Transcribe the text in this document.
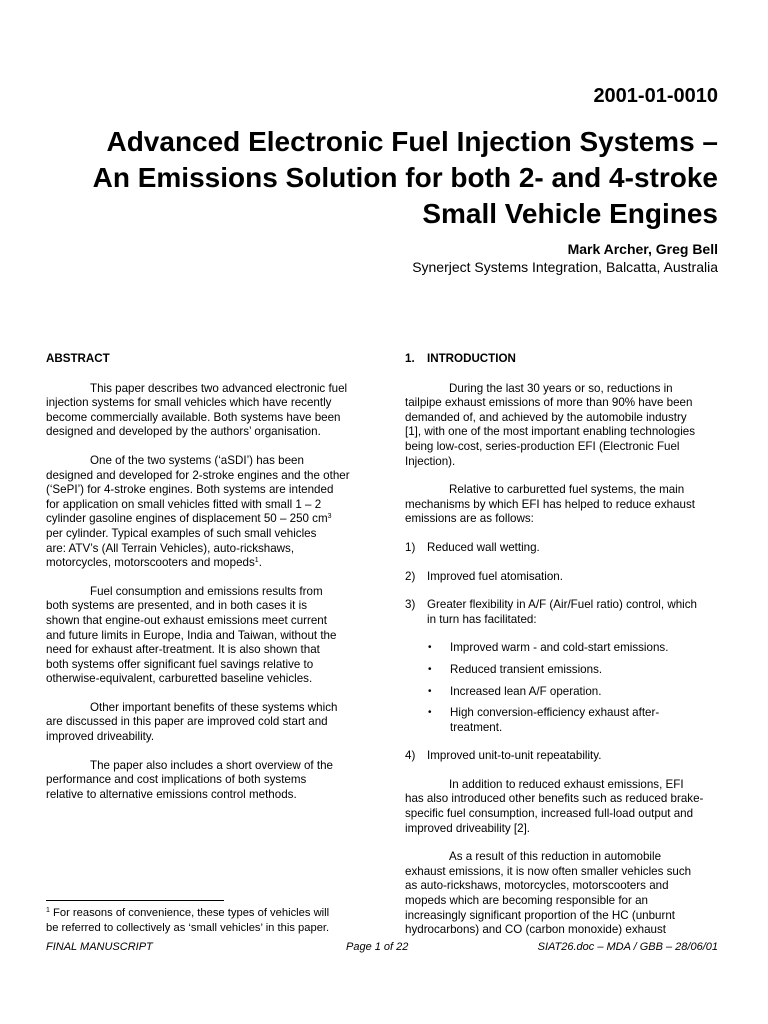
2001-01-0010
Advanced Electronic Fuel Injection Systems –
An Emissions Solution for both 2- and 4-stroke
Small Vehicle Engines
Mark Archer, Greg Bell
Synerject Systems Integration, Balcatta, Australia
ABSTRACT

This paper describes two advanced electronic fuel
injection systems for small vehicles which have recently
become commercially available. Both systems have been
designed and developed by the authors’ organisation.

One of the two systems (‘aSDI’) has been
designed and developed for 2-stroke engines and the other
(‘SePI’) for 4-stroke engines. Both systems are intended
for application on small vehicles fitted with small 1 – 2
cylinder gasoline engines of displacement 50 – 250 $cm^3$
per cylinder. Typical examples of such small vehicles
are: ATV’s (All Terrain Vehicles), auto-rickshaws,
motorcycles, motorscooters and mopeds$^1$.

Fuel consumption and emissions results from
both systems are presented, and in both cases it is
shown that engine-out exhaust emissions meet current
and future limits in Europe, India and Taiwan, without the
need for exhaust after-treatment. It is also shown that
both systems offer significant fuel savings relative to
otherwise-equivalent, carburetted baseline vehicles.

Other important benefits of these systems which
are discussed in this paper are improved cold start and
improved driveability.

The paper also includes a short overview of the
performance and cost implications of both systems
relative to alternative emissions control methods.

$^1$ For reasons of convenience, these types of vehicles will
be referred to collectively as ‘small vehicles’ in this paper.
1. INTRODUCTION

During the last 30 years or so, reductions in
tailpipe exhaust emissions of more than 90% have been
demanded of, and achieved by the automobile industry
[1], with one of the most important enabling technologies
being low-cost, series-production EFI (Electronic Fuel
Injection).

Relative to carburetted fuel systems, the main
mechanisms by which EFI has helped to reduce exhaust
emissions are as follows:

1)	Reduced wall wetting.
2)	Improved fuel atomisation.
3)	Greater flexibility in A/F (Air/Fuel ratio) control, which
in turn has facilitated:
•	Improved warm - and cold-start emissions.
•	Reduced transient emissions.
•	Increased lean A/F operation.
•	High conversion-efficiency exhaust after-
treatment.
4)	Improved unit-to-unit repeatability.

In addition to reduced exhaust emissions, EFI
has also introduced other benefits such as reduced brake-
specific fuel consumption, increased full-load output and
improved driveability [2].

As a result of this reduction in automobile
exhaust emissions, it is now often smaller vehicles such
as auto-rickshaws, motorcycles, motorscooters and
mopeds which are becoming responsible for an
increasingly significant proportion of the HC (unburnt
hydrocarbons) and CO (carbon monoxide) exhaust

FINAL MANUSCRIPT	Page 1 of 22	SIAT26.doc – MDA / GBB – 28/06/01
